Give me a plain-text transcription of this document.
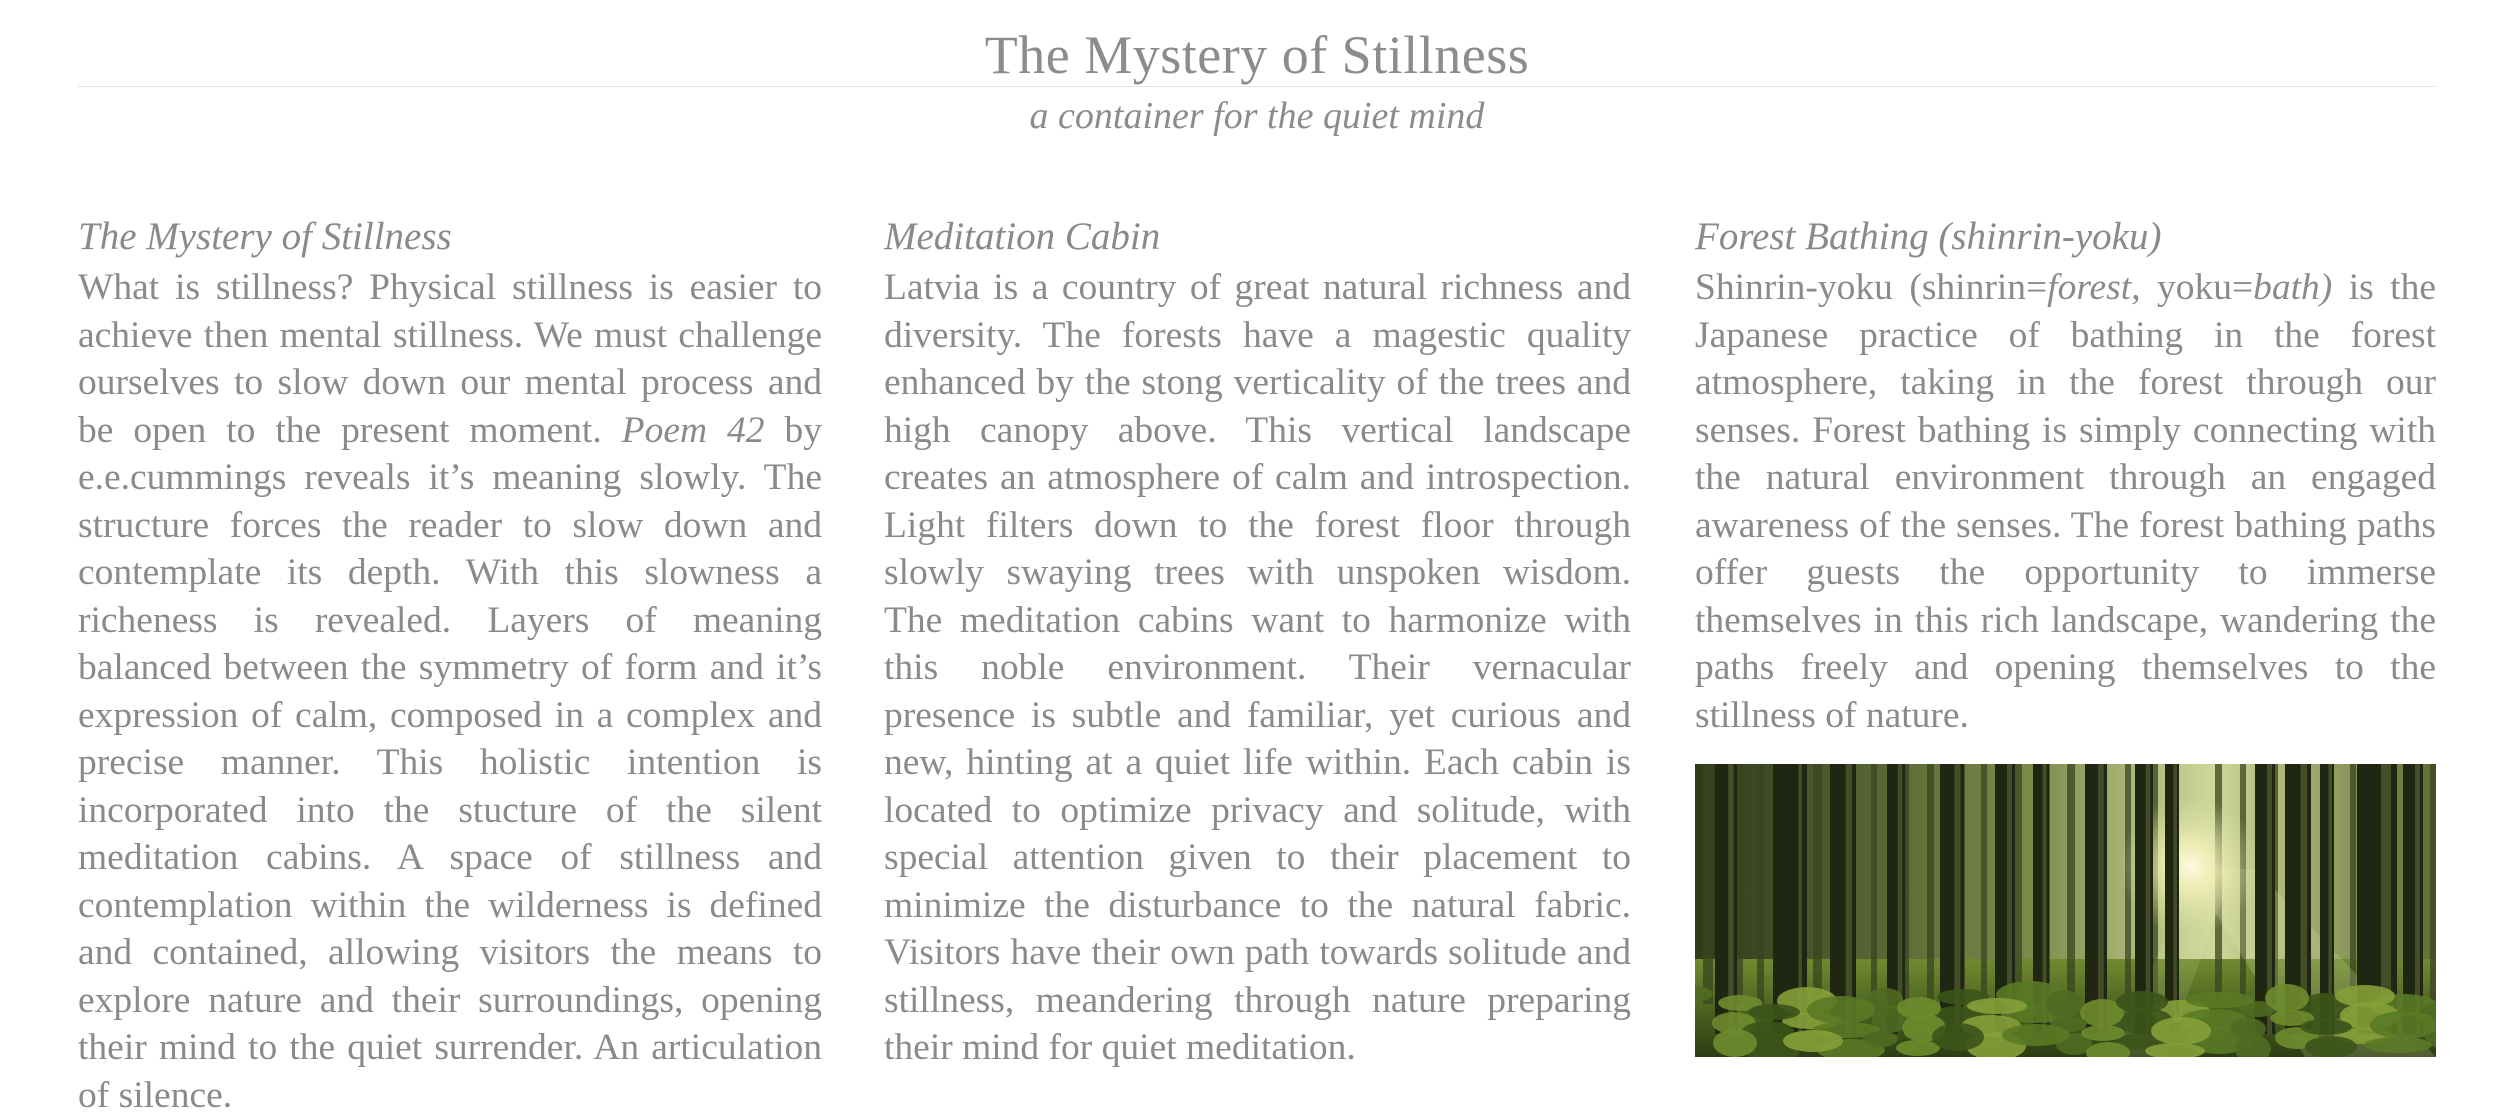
The Mystery of Stillness
a container for the quiet mind
The Mystery of Stillness

What is stillness? Physical stillness is easier to achieve then mental stillness. We must challenge ourselves to slow down our mental process and be open to the present moment. Poem 42 by e.e.cummings reveals it’s meaning slowly. The structure forces the reader to slow down and contemplate its depth. With this slowness a richeness is revealed. Layers of meaning balanced between the symmetry of form and it’s expression of calm, composed in a complex and precise manner. This holistic intention is incorporated into the stucture of the silent meditation cabins. A space of stillness and contemplation within the wilderness is defined and contained, allowing visitors the means to explore nature and their surroundings, opening their mind to the quiet surrender. An articulation of silence.

Meditation Cabin

Latvia is a country of great natural richness and diversity. The forests have a magestic quality enhanced by the stong verticality of the trees and high canopy above. This vertical landscape creates an atmosphere of calm and introspection. Light filters down to the forest floor through slowly swaying trees with unspoken wisdom. The meditation cabins want to harmonize with this noble environment. Their vernacular presence is subtle and familiar, yet curious and new, hinting at a quiet life within. Each cabin is located to optimize privacy and solitude, with special attention given to their placement to minimize the disturbance to the natural fabric. Visitors have their own path towards solitude and stillness, meandering through nature preparing their mind for quiet meditation.

Forest Bathing (shinrin-yoku)

Shinrin-yoku (shinrin=forest, yoku=bath) is the Japanese practice of bathing in the forest atmosphere, taking in the forest through our senses. Forest bathing is simply connecting with the natural environment through an engaged awareness of the senses. The forest bathing paths offer guests the opportunity to immerse themselves in this rich landscape, wandering the paths freely and opening themselves to the stillness of nature.
